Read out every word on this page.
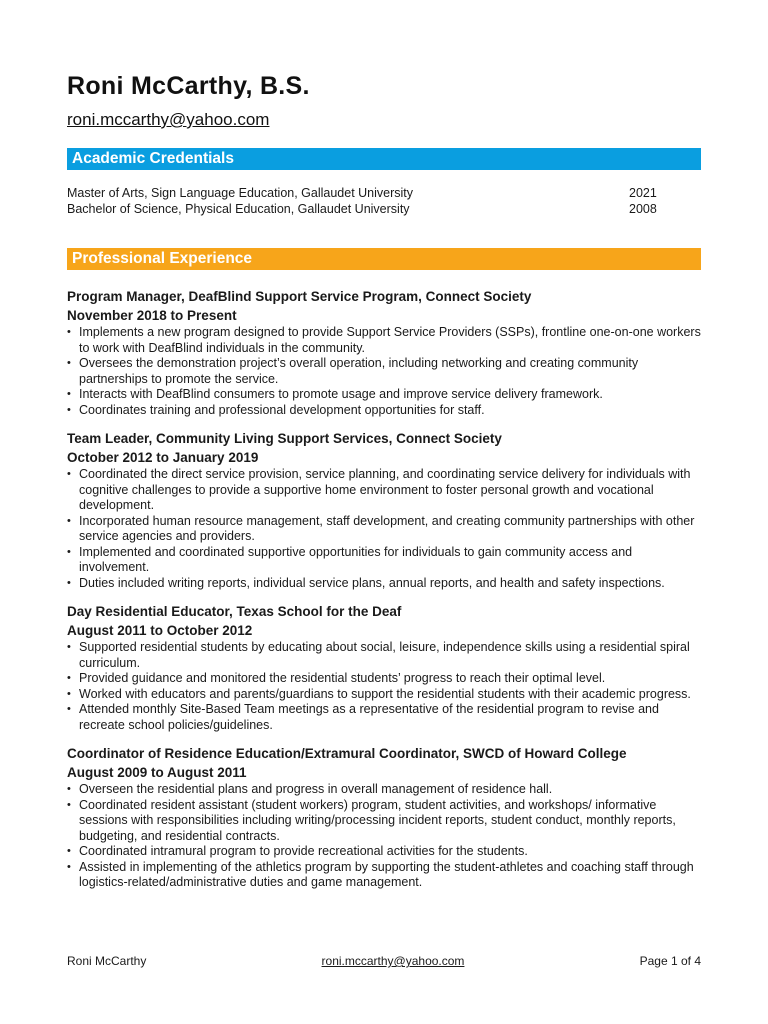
Roni McCarthy, B.S.
roni.mccarthy@yahoo.com
Academic Credentials
Master of Arts, Sign Language Education, Gallaudet University	2021
Bachelor of Science, Physical Education, Gallaudet University	2008
Professional Experience
Program Manager, DeafBlind Support Service Program, Connect Society
November 2018 to Present
• Implements a new program designed to provide Support Service Providers (SSPs), frontline one-on-one workers to work with DeafBlind individuals in the community.
• Oversees the demonstration project’s overall operation, including networking and creating community partnerships to promote the service.
• Interacts with DeafBlind consumers to promote usage and improve service delivery framework.
• Coordinates training and professional development opportunities for staff.
Team Leader, Community Living Support Services, Connect Society
October 2012 to January 2019
• Coordinated the direct service provision, service planning, and coordinating service delivery for individuals with cognitive challenges to provide a supportive home environment to foster personal growth and vocational development.
• Incorporated human resource management, staff development, and creating community partnerships with other service agencies and providers.
• Implemented and coordinated supportive opportunities for individuals to gain community access and involvement.
• Duties included writing reports, individual service plans, annual reports, and health and safety inspections.
Day Residential Educator, Texas School for the Deaf
August 2011 to October 2012
• Supported residential students by educating about social, leisure, independence skills using a residential spiral curriculum.
• Provided guidance and monitored the residential students’ progress to reach their optimal level.
• Worked with educators and parents/guardians to support the residential students with their academic progress.
• Attended monthly Site-Based Team meetings as a representative of the residential program to revise and recreate school policies/guidelines.
Coordinator of Residence Education/Extramural Coordinator, SWCD of Howard College
August 2009 to August 2011
• Overseen the residential plans and progress in overall management of residence hall.
• Coordinated resident assistant (student workers) program, student activities, and workshops/ informative sessions with responsibilities including writing/processing incident reports, student conduct, monthly reports, budgeting, and residential contracts.
• Coordinated intramural program to provide recreational activities for the students.
• Assisted in implementing of the athletics program by supporting the student-athletes and coaching staff through logistics-related/administrative duties and game management.
Roni McCarthy	roni.mccarthy@yahoo.com	Page 1 of 4
